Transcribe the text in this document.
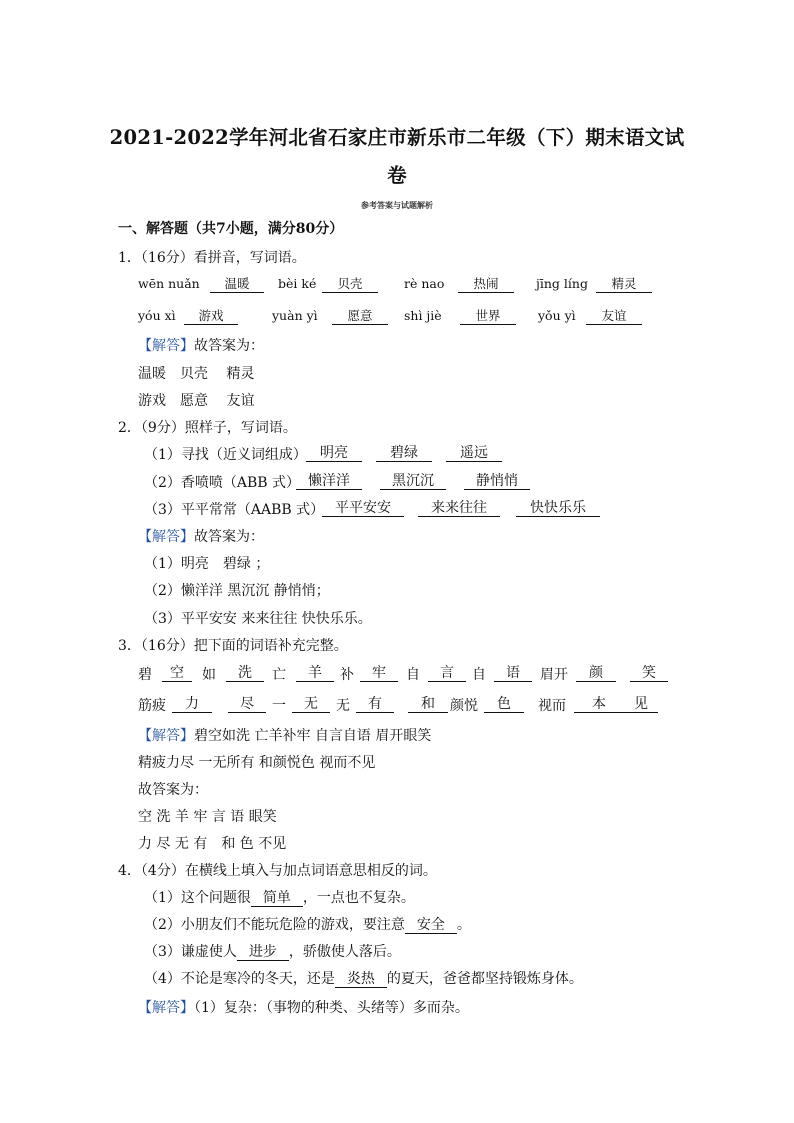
2021-2022学年河北省石家庄市新乐市二年级（下）期末语文试
卷
参考答案与试题解析
一、解答题（共7小题，满分80分）
1．（16分）看拼音，写词语。
wēn nuǎn	温暖	bèi ké	贝壳	rè nao	热闹	jīng líng	精灵
yóu xì	游戏	yuàn yì	愿意	shì jiè	世界	yǒu yì	友谊
【解答】故答案为：
温暖　贝壳　 精灵
游戏　愿意　 友谊
2．（9分）照样子，写词语。
（1）寻找（近义词组成） 明亮	碧绿	遥远
（2）香喷喷（ABB 式） 懒洋洋	黑沉沉	静悄悄
（3）平平常常（AABB 式） 平平安安	来来往往	快快乐乐
【解答】故答案为：
（1）明亮　碧绿 ；
（2）懒洋洋 黑沉沉 静悄悄；
（3）平平安安 来来往往 快快乐乐。
3．（16分）把下面的词语补充完整。
碧	空	如	洗	亡	羊	补	牢	自	言	自	语	眉开	颜	笑
筋疲	力	尽	一	无	无	有	和	颜悦	色	视而	本	见
【解答】碧空如洗 亡羊补牢 自言自语 眉开眼笑
精疲力尽 一无所有 和颜悦色 视而不见
故答案为：
空 洗 羊 牢 言 语 眼笑
力 尽 无 有　和 色 不见
4．（4分）在横线上填入与加点词语意思相反的词。
（1）这个问题很 简单 ，一点也不复杂。
（2）小朋友们不能玩危险的游戏，要注意 安全 。
（3）谦虚使人 进步 ，骄傲使人落后。
（4）不论是寒冷的冬天，还是 炎热 的夏天，爸爸都坚持锻炼身体。
【解答】（1）复杂：（事物的种类、头绪等）多而杂。
